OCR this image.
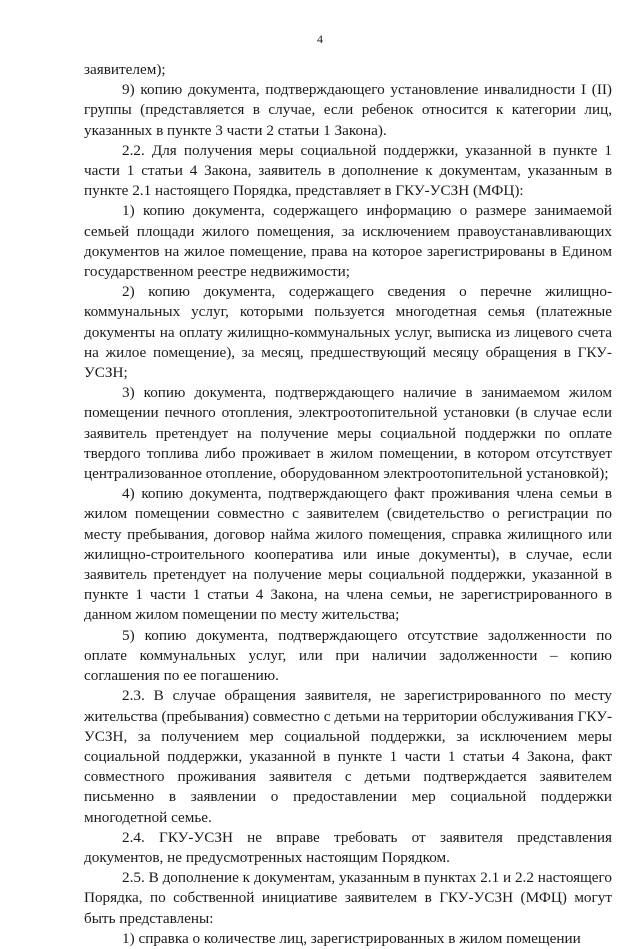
4

заявителем);

9) копию документа, подтверждающего установление инвалидности I (II) группы (представляется в случае, если ребенок относится к категории лиц, указанных в пункте 3 части 2 статьи 1 Закона).

2.2. Для получения меры социальной поддержки, указанной в пункте 1 части 1 статьи 4 Закона, заявитель в дополнение к документам, указанным в пункте 2.1 настоящего Порядка, представляет в ГКУ-УСЗН (МФЦ):

1) копию документа, содержащего информацию о размере занимаемой семьей площади жилого помещения, за исключением правоустанавливающих документов на жилое помещение, права на которое зарегистрированы в Едином государственном реестре недвижимости;

2) копию документа, содержащего сведения о перечне жилищно-коммунальных услуг, которыми пользуется многодетная семья (платежные документы на оплату жилищно-коммунальных услуг, выписка из лицевого счета на жилое помещение), за месяц, предшествующий месяцу обращения в ГКУ-УСЗН;

3) копию документа, подтверждающего наличие в занимаемом жилом помещении печного отопления, электроотопительной установки (в случае если заявитель претендует на получение меры социальной поддержки по оплате твердого топлива либо проживает в жилом помещении, в котором отсутствует централизованное отопление, оборудованном электроотопительной установкой);

4) копию документа, подтверждающего факт проживания члена семьи в жилом помещении совместно с заявителем (свидетельство о регистрации по месту пребывания, договор найма жилого помещения, справка жилищного или жилищно-строительного кооператива или иные документы), в случае, если заявитель претендует на получение меры социальной поддержки, указанной в пункте 1 части 1 статьи 4 Закона, на члена семьи, не зарегистрированного в данном жилом помещении по месту жительства;

5) копию документа, подтверждающего отсутствие задолженности по оплате коммунальных услуг, или при наличии задолженности – копию соглашения по ее погашению.

2.3. В случае обращения заявителя, не зарегистрированного по месту жительства (пребывания) совместно с детьми на территории обслуживания ГКУ-УСЗН, за получением мер социальной поддержки, за исключением меры социальной поддержки, указанной в пункте 1 части 1 статьи 4 Закона, факт совместного проживания заявителя с детьми подтверждается заявителем письменно в заявлении о предоставлении мер социальной поддержки многодетной семье.

2.4. ГКУ-УСЗН не вправе требовать от заявителя представления документов, не предусмотренных настоящим Порядком.

2.5. В дополнение к документам, указанным в пунктах 2.1 и 2.2 настоящего Порядка, по собственной инициативе заявителем в ГКУ-УСЗН (МФЦ) могут быть представлены:

1) справка о количестве лиц, зарегистрированных в жилом помещении
